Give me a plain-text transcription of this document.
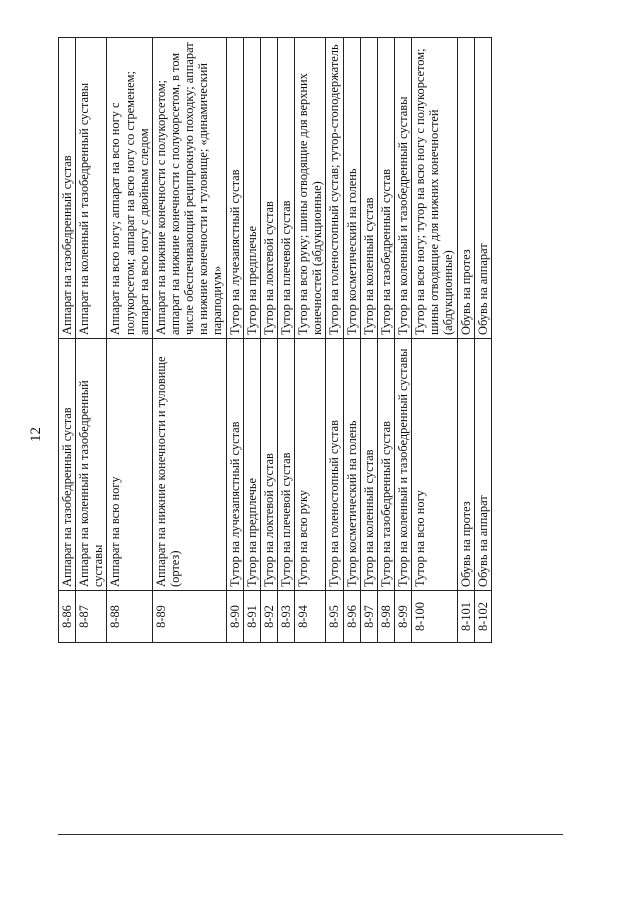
12
8-86	Аппарат на тазобедренный сустав	Аппарат на тазобедренный сустав
8-87	Аппарат на коленный и тазобедренный суставы	Аппарат на коленный и тазобедренный суставы
8-88	Аппарат на всю ногу	Аппарат на всю ногу; аппарат на всю ногу с полукорсетом; аппарат на всю ногу со стременем; аппарат на всю ногу с двойным следом
8-89	Аппарат на нижние конечности и туловище (ортез)	Аппарат на нижние конечности с полукорсетом; аппарат на нижние конечности с полукорсетом, в том числе обеспечивающий реципрокную походку; аппарат на нижние конечности и туловище; «динамический параподиум»
8-90	Тутор на лучезапястный сустав	Тутор на лучезапястный сустав
8-91	Тутор на предплечье	Тутор на предплечье
8-92	Тутор на локтевой сустав	Тутор на локтевой сустав
8-93	Тутор на плечевой сустав	Тутор на плечевой сустав
8-94	Тутор на всю руку	Тутор на всю руку; шины отводящие для верхних конечностей (абдукционные)
8-95	Тутор на голеностопный сустав	Тутор на голеностопный сустав; тутор-стоподержатель
8-96	Тутор косметический на голень	Тутор косметический на голень
8-97	Тутор на коленный сустав	Тутор на коленный сустав
8-98	Тутор на тазобедренный сустав	Тутор на тазобедренный сустав
8-99	Тутор на коленный и тазобедренный суставы	Тутор на коленный и тазобедренный суставы
8-100	Тутор на всю ногу	Тутор на всю ногу; тутор на всю ногу с полукорсетом; шины отводящие для нижних конечностей (абдукционные)
8-101	Обувь на протез	Обувь на протез
8-102	Обувь на аппарат	Обувь на аппарат
